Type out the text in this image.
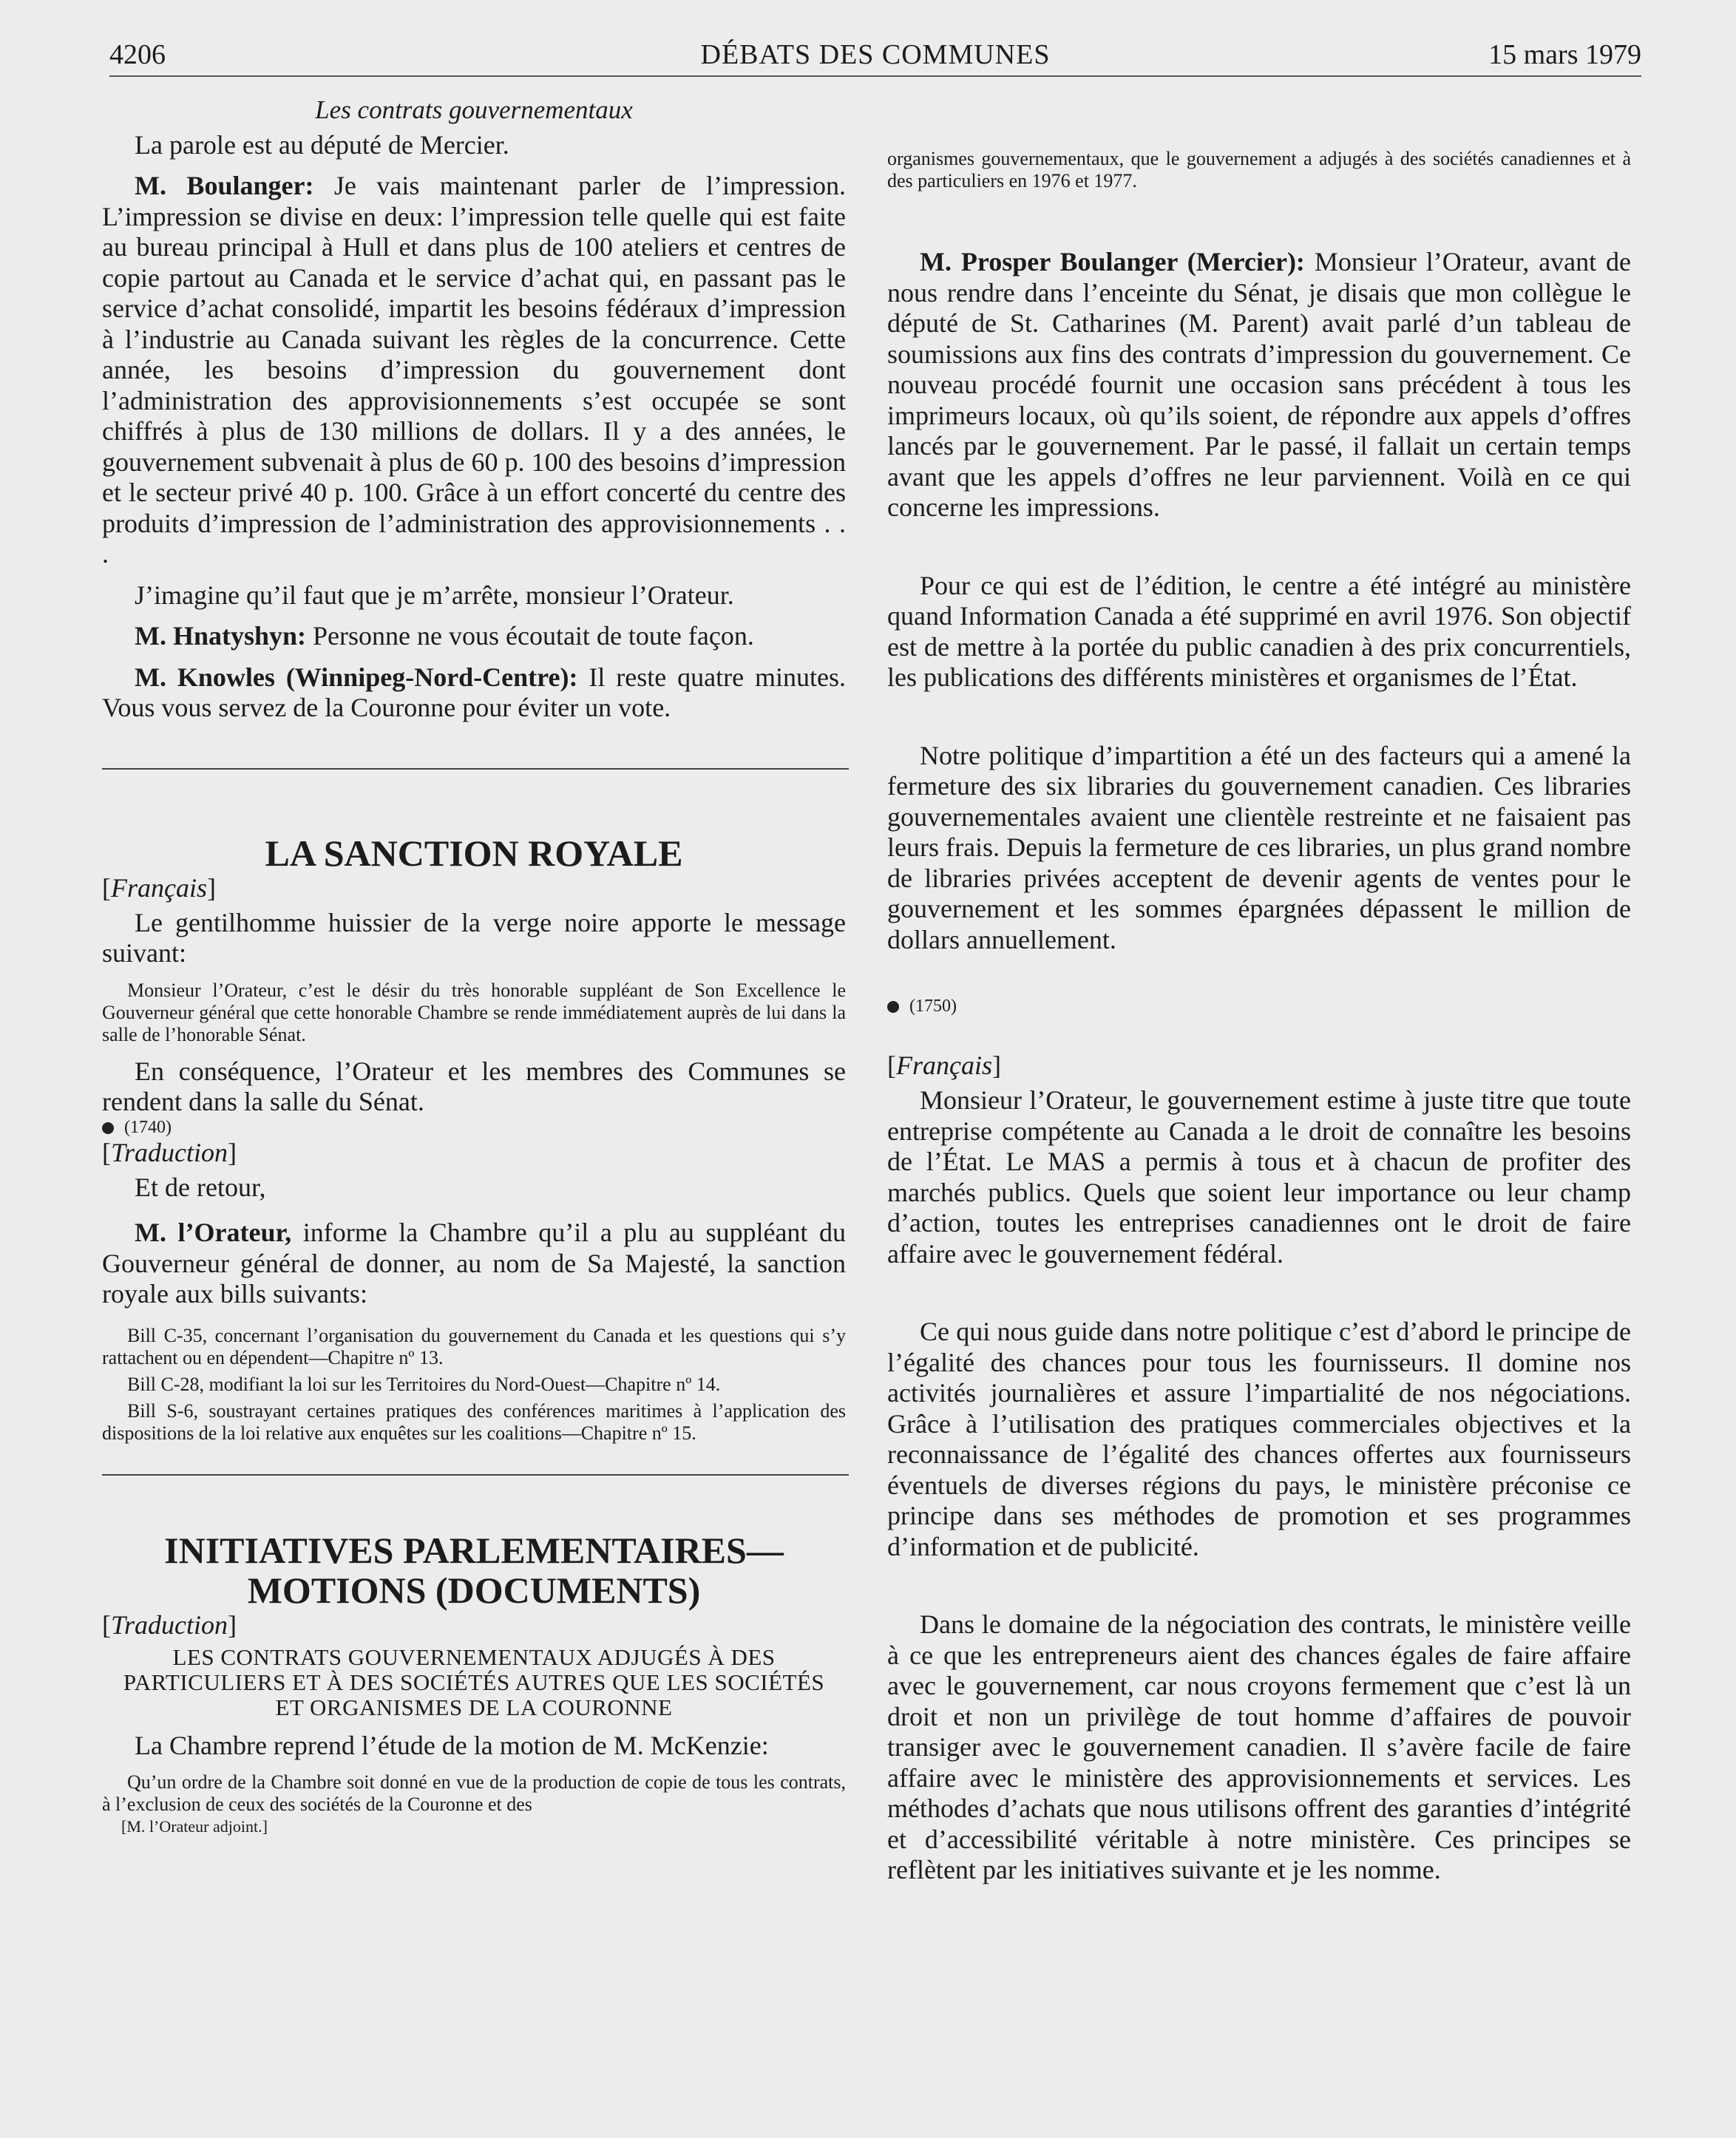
4206	DÉBATS DES COMMUNES	15 mars 1979

Les contrats gouvernementaux

La parole est au député de Mercier.

M. Boulanger: Je vais maintenant parler de l’impression. L’impression se divise en deux: l’impression telle quelle qui est faite au bureau principal à Hull et dans plus de 100 ateliers et centres de copie partout au Canada et le service d’achat qui, en passant pas le service d’achat consolidé, impartit les besoins fédéraux d’impression à l’industrie au Canada suivant les règles de la concurrence. Cette année, les besoins d’impression du gouvernement dont l’administration des approvisionnements s’est occupée se sont chiffrés à plus de 130 millions de dollars. Il y a des années, le gouvernement subvenait à plus de 60 p. 100 des besoins d’impression et le secteur privé 40 p. 100. Grâce à un effort concerté du centre des produits d’impression de l’administration des approvisionnements . . .

J’imagine qu’il faut que je m’arrête, monsieur l’Orateur.

M. Hnatyshyn: Personne ne vous écoutait de toute façon.

M. Knowles (Winnipeg-Nord-Centre): Il reste quatre minutes. Vous vous servez de la Couronne pour éviter un vote.

LA SANCTION ROYALE

[Français]

Le gentilhomme huissier de la verge noire apporte le message suivant:

Monsieur l’Orateur, c’est le désir du très honorable suppléant de Son Excellence le Gouverneur général que cette honorable Chambre se rende immédiatement auprès de lui dans la salle de l’honorable Sénat.

En conséquence, l’Orateur et les membres des Communes se rendent dans la salle du Sénat.

(1740)

[Traduction]

Et de retour,

M. l’Orateur, informe la Chambre qu’il a plu au suppléant du Gouverneur général de donner, au nom de Sa Majesté, la sanction royale aux bills suivants:

Bill C-35, concernant l’organisation du gouvernement du Canada et les questions qui s’y rattachent ou en dépendent—Chapitre nº 13.

Bill C-28, modifiant la loi sur les Territoires du Nord-Ouest—Chapitre nº 14.

Bill S-6, soustrayant certaines pratiques des conférences maritimes à l’application des dispositions de la loi relative aux enquêtes sur les coalitions—Chapitre nº 15.

INITIATIVES PARLEMENTAIRES—
MOTIONS (DOCUMENTS)

[Traduction]

LES CONTRATS GOUVERNEMENTAUX ADJUGÉS À DES

PARTICULIERS ET À DES SOCIÉTÉS AUTRES QUE LES SOCIÉTÉS

ET ORGANISMES DE LA COURONNE

La Chambre reprend l’étude de la motion de M. McKenzie:

Qu’un ordre de la Chambre soit donné en vue de la production de copie de tous les contrats, à l’exclusion de ceux des sociétés de la Couronne et des

[M. l’Orateur adjoint.]

organismes gouvernementaux, que le gouvernement a adjugés à des sociétés canadiennes et à des particuliers en 1976 et 1977.

M. Prosper Boulanger (Mercier): Monsieur l’Orateur, avant de nous rendre dans l’enceinte du Sénat, je disais que mon collègue le député de St. Catharines (M. Parent) avait parlé d’un tableau de soumissions aux fins des contrats d’impression du gouvernement. Ce nouveau procédé fournit une occasion sans précédent à tous les imprimeurs locaux, où qu’ils soient, de répondre aux appels d’offres lancés par le gouvernement. Par le passé, il fallait un certain temps avant que les appels d’offres ne leur parviennent. Voilà en ce qui concerne les impressions.

Pour ce qui est de l’édition, le centre a été intégré au ministère quand Information Canada a été supprimé en avril 1976. Son objectif est de mettre à la portée du public canadien à des prix concurrentiels, les publications des différents ministères et organismes de l’État.

Notre politique d’impartition a été un des facteurs qui a amené la fermeture des six libraries du gouvernement canadien. Ces libraries gouvernementales avaient une clientèle restreinte et ne faisaient pas leurs frais. Depuis la fermeture de ces libraries, un plus grand nombre de libraries privées acceptent de devenir agents de ventes pour le gouvernement et les sommes épargnées dépassent le million de dollars annuellement.

(1750)

[Français]

Monsieur l’Orateur, le gouvernement estime à juste titre que toute entreprise compétente au Canada a le droit de connaître les besoins de l’État. Le MAS a permis à tous et à chacun de profiter des marchés publics. Quels que soient leur importance ou leur champ d’action, toutes les entreprises canadiennes ont le droit de faire affaire avec le gouvernement fédéral.

Ce qui nous guide dans notre politique c’est d’abord le principe de l’égalité des chances pour tous les fournisseurs. Il domine nos activités journalières et assure l’impartialité de nos négociations. Grâce à l’utilisation des pratiques commerciales objectives et la reconnaissance de l’égalité des chances offertes aux fournisseurs éventuels de diverses régions du pays, le ministère préconise ce principe dans ses méthodes de promotion et ses programmes d’information et de publicité.

Dans le domaine de la négociation des contrats, le ministère veille à ce que les entrepreneurs aient des chances égales de faire affaire avec le gouvernement, car nous croyons fermement que c’est là un droit et non un privilège de tout homme d’affaires de pouvoir transiger avec le gouvernement canadien. Il s’avère facile de faire affaire avec le ministère des approvisionnements et services. Les méthodes d’achats que nous utilisons offrent des garanties d’intégrité et d’accessibilité véritable à notre ministère. Ces principes se reflètent par les initiatives suivante et je les nomme.
